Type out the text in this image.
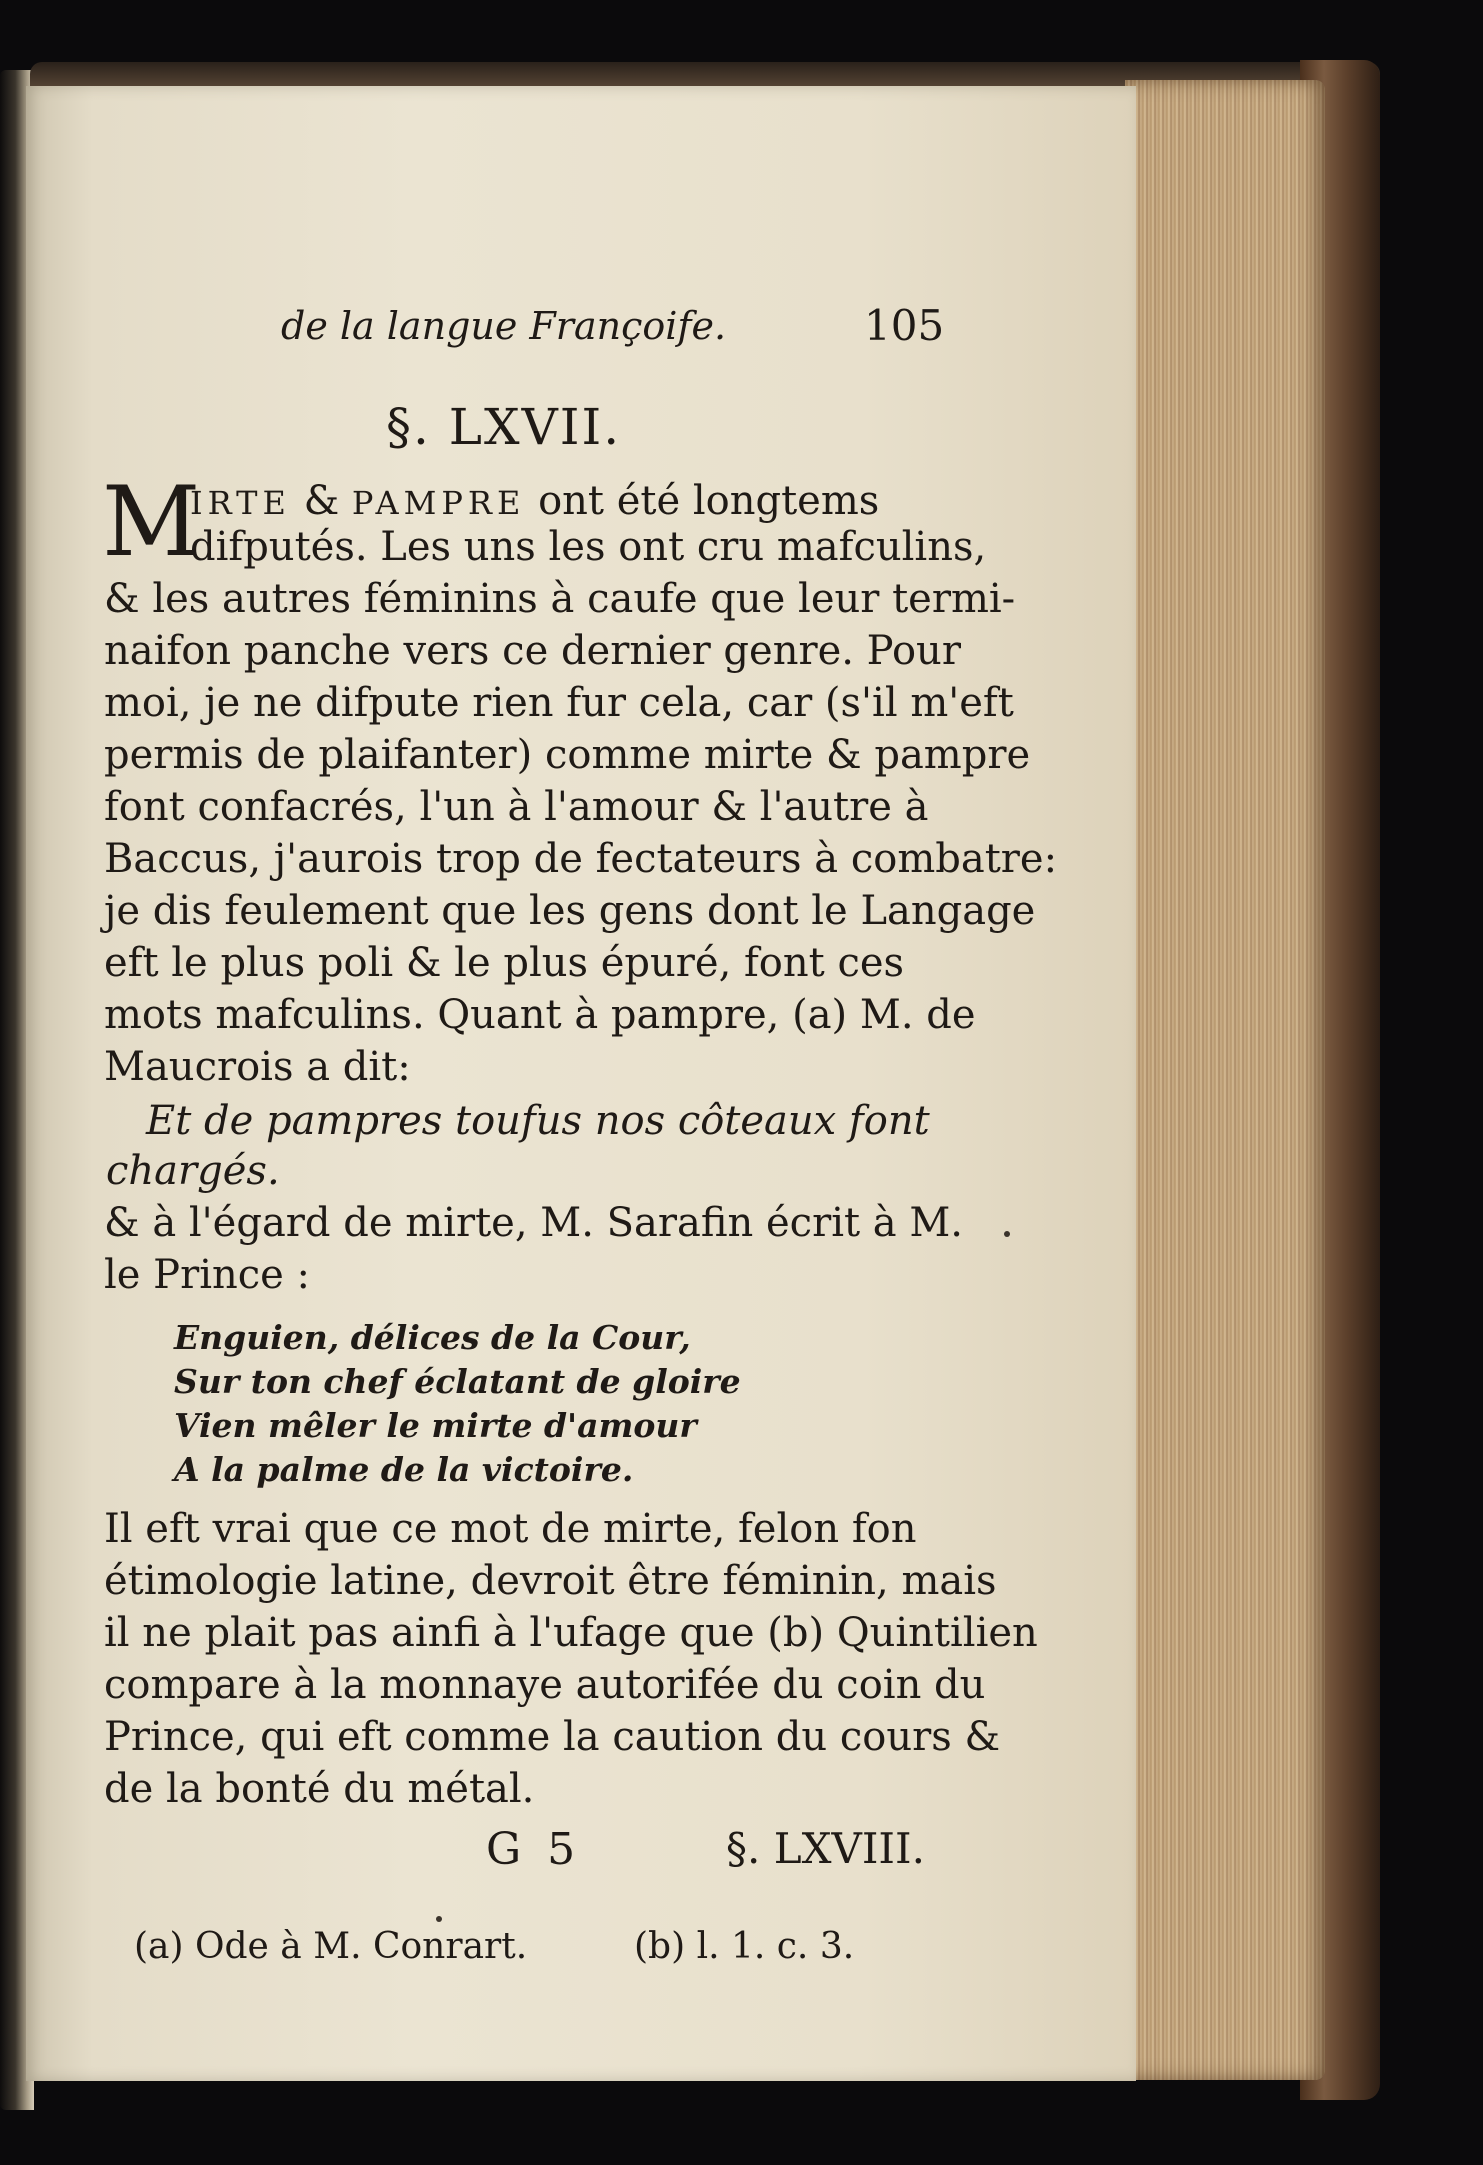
de la langue Françoife.	105
§. LXVII.
M
IRTE & PAMPRE ont été longtems
difputés. Les uns les ont cru mafculins,
& les autres féminins à caufe que leur termi-
naifon panche vers ce dernier genre. Pour
moi, je ne difpute rien fur cela, car (s'il m'eft
permis de plaifanter) comme mirte & pampre
font confacrés, l'un à l'amour & l'autre à
Baccus, j'aurois trop de fectateurs à combatre:
je dis feulement que les gens dont le Langage
eft le plus poli & le plus épuré, font ces
mots mafculins. Quant à pampre, (a) M. de
Maucrois a dit:
Et de pampres toufus nos côteaux font
chargés.
& à l'égard de mirte, M. Sarafin écrit à M.
le Prince :
Enguien, délices de la Cour,
Sur ton chef éclatant de gloire
Vien mêler le mirte d'amour
A la palme de la victoire.
Il eft vrai que ce mot de mirte, felon fon
étimologie latine, devroit être féminin, mais
il ne plait pas ainfi à l'ufage que (b) Quintilien
compare à la monnaye autorifée du coin du
Prince, qui eft comme la caution du cours &
de la bonté du métal.
G 5	§. LXVIII.
(a) Ode à M. Conrart.	(b) l. 1. c. 3.
